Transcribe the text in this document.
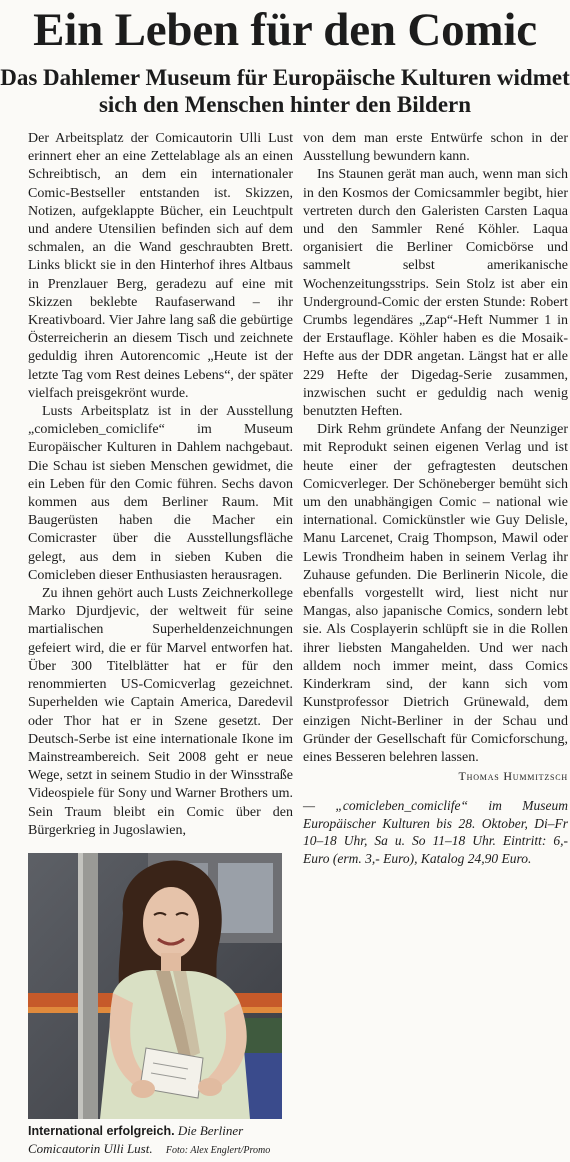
Ein Leben für den Comic
Das Dahlemer Museum für Europäische Kulturen widmet sich den Menschen hinter den Bildern

Der Arbeitsplatz der Comicautorin Ulli Lust erinnert eher an eine Zettelablage als an einen Schreibtisch, an dem ein internationaler Comic-Bestseller entstanden ist. Skizzen, Notizen, aufgeklappte Bücher, ein Leuchtpult und andere Utensilien befinden sich auf dem schmalen, an die Wand geschraubten Brett. Links blickt sie in den Hinterhof ihres Altbaus in Prenzlauer Berg, geradezu auf eine mit Skizzen beklebte Raufaserwand – ihr Kreativboard. Vier Jahre lang saß die gebürtige Österreicherin an diesem Tisch und zeichnete geduldig ihren Autorencomic „Heute ist der letzte Tag vom Rest deines Lebens“, der später vielfach preisgekrönt wurde.

Lusts Arbeitsplatz ist in der Ausstellung „comicleben_comiclife“ im Museum Europäischer Kulturen in Dahlem nachgebaut. Die Schau ist sieben Menschen gewidmet, die ein Leben für den Comic führen. Sechs davon kommen aus dem Berliner Raum. Mit Baugerüsten haben die Macher ein Comicraster über die Ausstellungsfläche gelegt, aus dem in sieben Kuben die Comicleben dieser Enthusiasten herausragen.

Zu ihnen gehört auch Lusts Zeichnerkollege Marko Djurdjevic, der weltweit für seine martialischen Superheldenzeichnungen gefeiert wird, die er für Marvel entworfen hat. Über 300 Titelblätter hat er für den renommierten US-Comicverlag gezeichnet. Superhelden wie Captain America, Daredevil oder Thor hat er in Szene gesetzt. Der Deutsch-Serbe ist eine internationale Ikone im Mainstreambereich. Seit 2008 geht er neue Wege, setzt in seinem Studio in der Winsstraße Videospiele für Sony und Warner Brothers um. Sein Traum bleibt ein Comic über den Bürgerkrieg in Jugoslawien,

von dem man erste Entwürfe schon in der Ausstellung bewundern kann.

Ins Staunen gerät man auch, wenn man sich in den Kosmos der Comicsammler begibt, hier vertreten durch den Galeristen Carsten Laqua und den Sammler René Köhler. Laqua organisiert die Berliner Comicbörse und sammelt selbst amerikanische Wochenzeitungsstrips. Sein Stolz ist aber ein Underground-Comic der ersten Stunde: Robert Crumbs legendäres „Zap“-Heft Nummer 1 in der Erstauflage. Köhler haben es die Mosaik-Hefte aus der DDR angetan. Längst hat er alle 229 Hefte der Digedag-Serie zusammen, inzwischen sucht er geduldig nach wenig benutzten Heften.

Dirk Rehm gründete Anfang der Neunziger mit Reprodukt seinen eigenen Verlag und ist heute einer der gefragtesten deutschen Comicverleger. Der Schöneberger bemüht sich um den unabhängigen Comic – national wie international. Comickünstler wie Guy Delisle, Manu Larcenet, Craig Thompson, Mawil oder Lewis Trondheim haben in seinem Verlag ihr Zuhause gefunden. Die Berlinerin Nicole, die ebenfalls vorgestellt wird, liest nicht nur Mangas, also japanische Comics, sondern lebt sie. Als Cosplayerin schlüpft sie in die Rollen ihrer liebsten Mangahelden. Und wer nach alldem noch immer meint, dass Comics Kinderkram sind, der kann sich vom Kunstprofessor Dietrich Grünewald, dem einzigen Nicht-Berliner in der Schau und Gründer der Gesellschaft für Comicforschung, eines Besseren belehren lassen.

Thomas Hummitzsch
— „comicleben_comiclife“ im Museum Europäischer Kulturen bis 28. Oktober, Di–Fr 10–18 Uhr, Sa u. So 11–18 Uhr. Eintritt: 6,- Euro (erm. 3,- Euro), Katalog 24,90 Euro.
International erfolgreich. Die Berliner Comicautorin Ulli Lust. Foto: Alex Englert/Promo
